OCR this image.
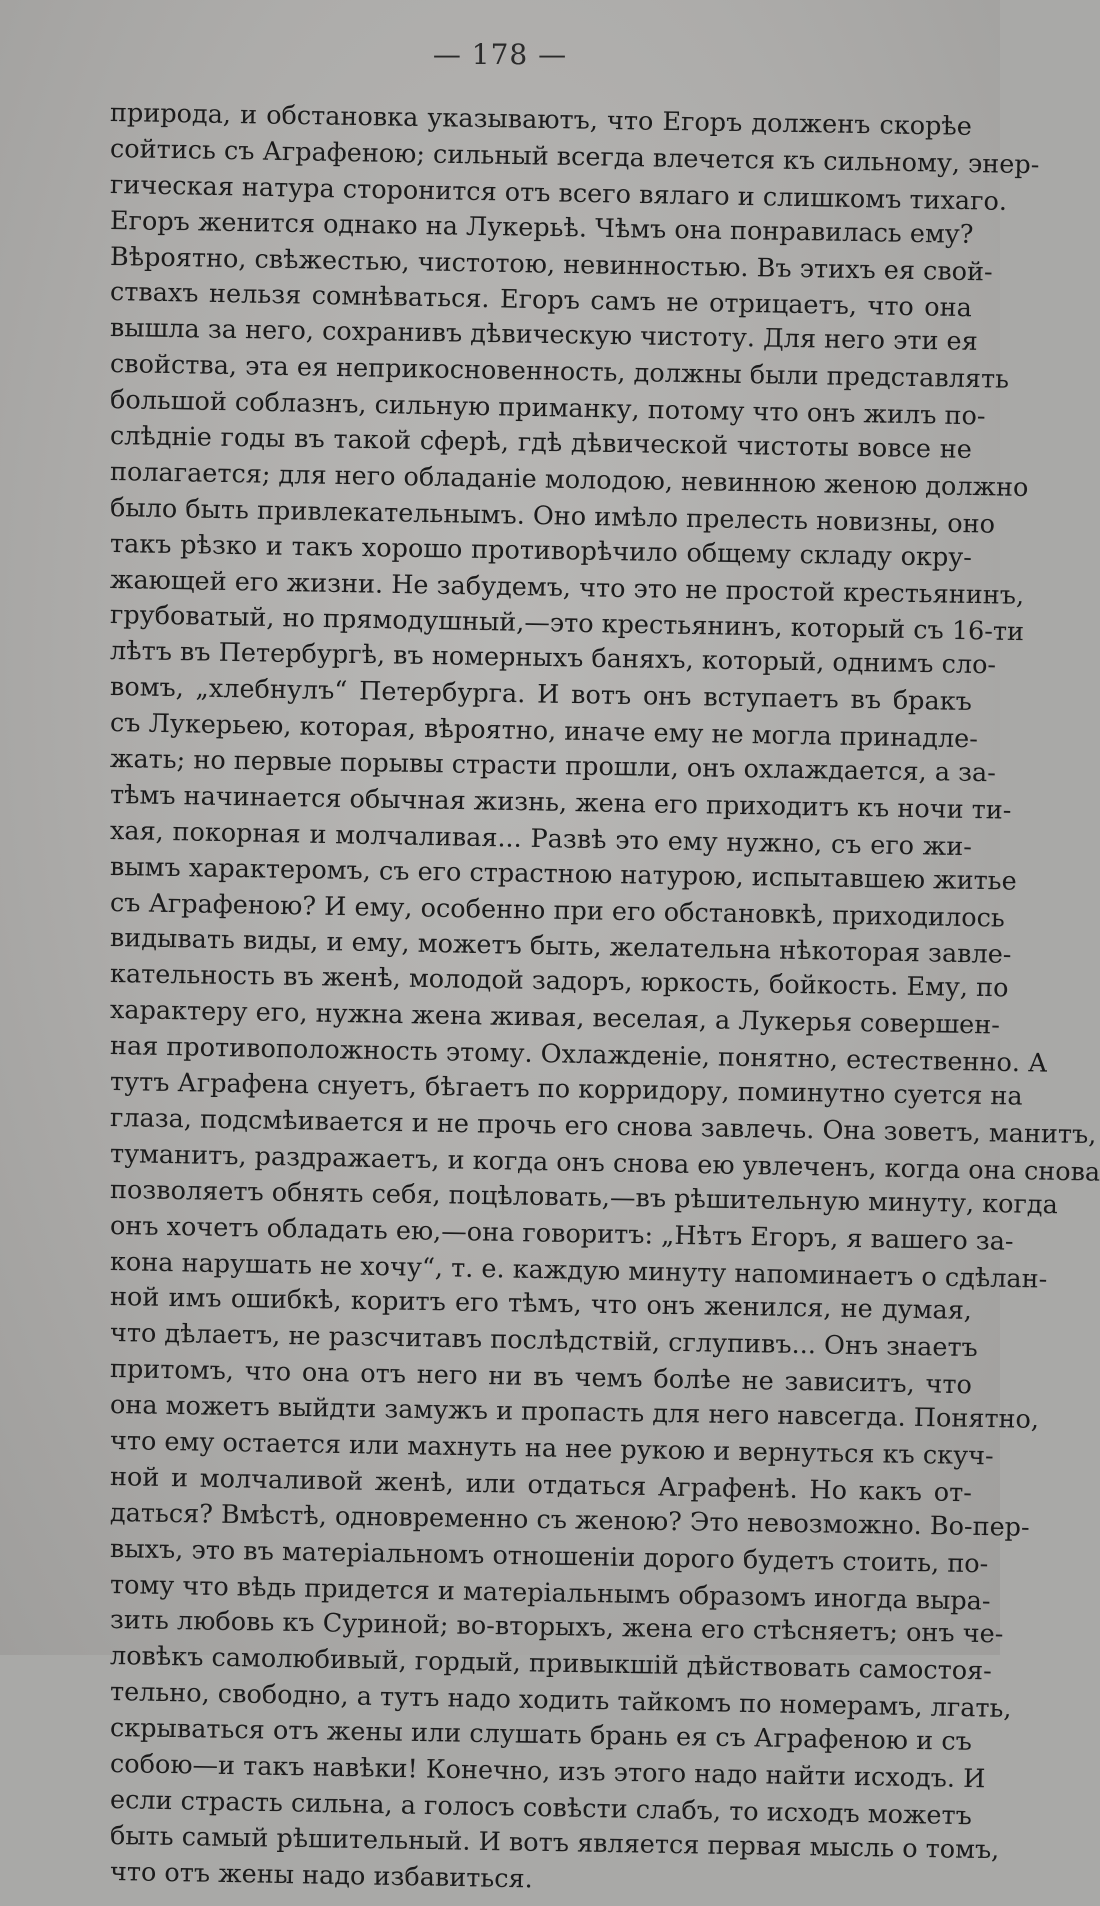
— 178 —
природа, и обстановка указываютъ, что Егоръ долженъ скорѣе
сойтись съ Аграфеною; сильный всегда влечется къ сильному, энер-
гическая натура сторонится отъ всего вялаго и слишкомъ тихаго.
Егоръ женится однако на Лукерьѣ. Чѣмъ она понравилась ему?
Вѣроятно, свѣжестью, чистотою, невинностью. Въ этихъ ея свой-
ствахъ нельзя сомнѣваться. Егоръ самъ не отрицаетъ, что она
вышла за него, сохранивъ дѣвическую чистоту. Для него эти ея
свойства, эта ея неприкосновенность, должны были представлять
большой соблазнъ, сильную приманку, потому что онъ жилъ по-
слѣдніе годы въ такой сферѣ, гдѣ дѣвической чистоты вовсе не
полагается; для него обладаніе молодою, невинною женою должно
было быть привлекательнымъ. Оно имѣло прелесть новизны, оно
такъ рѣзко и такъ хорошо противорѣчило общему складу окру-
жающей его жизни. Не забудемъ, что это не простой крестьянинъ,
грубоватый, но прямодушный,—это крестьянинъ, который съ 16-ти
лѣтъ въ Петербургѣ, въ номерныхъ баняхъ, который, однимъ сло-
вомъ, „хлебнулъ“ Петербурга. И вотъ онъ вступаетъ въ бракъ
съ Лукерьею, которая, вѣроятно, иначе ему не могла принадле-
жать; но первые порывы страсти прошли, онъ охлаждается, а за-
тѣмъ начинается обычная жизнь, жена его приходитъ къ ночи ти-
хая, покорная и молчаливая... Развѣ это ему нужно, съ его жи-
вымъ характеромъ, съ его страстною натурою, испытавшею житье
съ Аграфеною? И ему, особенно при его обстановкѣ, приходилось
видывать виды, и ему, можетъ быть, желательна нѣкоторая завле-
кательность въ женѣ, молодой задоръ, юркость, бойкость. Ему, по
характеру его, нужна жена живая, веселая, а Лукерья совершен-
ная противоположность этому. Охлажденіе, понятно, естественно. А
тутъ Аграфена снуетъ, бѣгаетъ по корридору, поминутно суется на
глаза, подсмѣивается и не прочь его снова завлечь. Она зоветъ, манитъ,
туманитъ, раздражаетъ, и когда онъ снова ею увлеченъ, когда она снова
позволяетъ обнять себя, поцѣловать,—въ рѣшительную минуту, когда
онъ хочетъ обладать ею,—она говоритъ: „Нѣтъ Егоръ, я вашего за-
кона нарушать не хочу“, т. е. каждую минуту напоминаетъ о сдѣлан-
ной имъ ошибкѣ, коритъ его тѣмъ, что онъ женился, не думая,
что дѣлаетъ, не разсчитавъ послѣдствій, сглупивъ... Онъ знаетъ
притомъ, что она отъ него ни въ чемъ болѣе не зависитъ, что
она можетъ выйдти замужъ и пропасть для него навсегда. Понятно,
что ему остается или махнуть на нее рукою и вернуться къ скуч-
ной и молчаливой женѣ, или отдаться Аграфенѣ. Но какъ от-
даться? Вмѣстѣ, одновременно съ женою? Это невозможно. Во-пер-
выхъ, это въ матеріальномъ отношеніи дорого будетъ стоить, по-
тому что вѣдь придется и матеріальнымъ образомъ иногда выра-
зить любовь къ Суриной; во-вторыхъ, жена его стѣсняетъ; онъ че-
ловѣкъ самолюбивый, гордый, привыкшій дѣйствовать самостоя-
тельно, свободно, а тутъ надо ходить тайкомъ по номерамъ, лгать,
скрываться отъ жены или слушать брань ея съ Аграфеною и съ
собою—и такъ навѣки! Конечно, изъ этого надо найти исходъ. И
если страсть сильна, а голосъ совѣсти слабъ, то исходъ можетъ
быть самый рѣшительный. И вотъ является первая мысль о томъ,
что отъ жены надо избавиться.
